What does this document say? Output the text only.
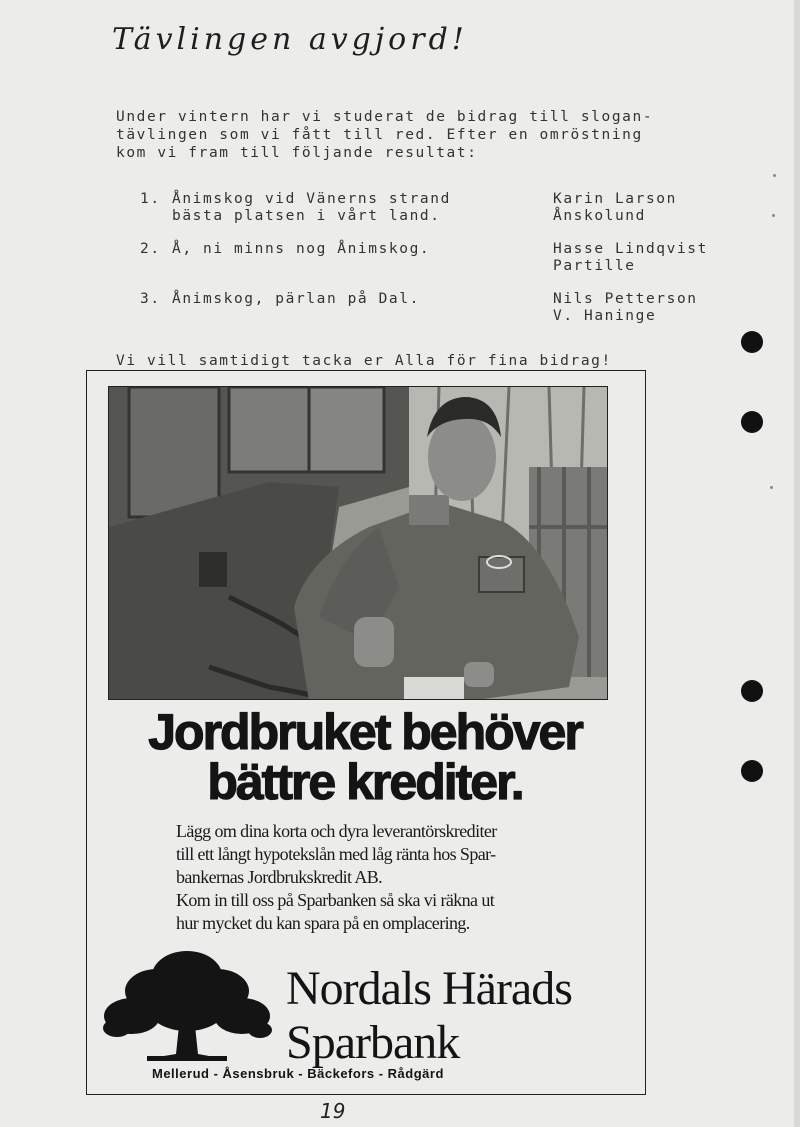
Tävlingen avgjord!
Under vintern har vi studerat de bidrag till slogan-
tävlingen som vi fått till red. Efter en omröstning
kom vi fram till följande resultat:
1. Ånimskog vid Vänerns strand
bästa platsen i vårt land.
Karin Larson
Ånskolund
2. Å, ni minns nog Ånimskog.	Hasse Lindqvist
Partille
3. Ånimskog, pärlan på Dal.	Nils Petterson
V. Haninge
Vi vill samtidigt tacka er Alla för fina bidrag!
Jordbruket behöver
bättre krediter.

Lägg om dina korta och dyra leverantörskrediter
till ett långt hypotekslån med låg ränta hos Spar-
bankernas Jordbrukskredit AB.

Kom in till oss på Sparbanken så ska vi räkna ut
hur mycket du kan spara på en omplacering.

Nordals Härads
Sparbank
Mellerud - Åsensbruk - Bäckefors - Rådgärd
19
